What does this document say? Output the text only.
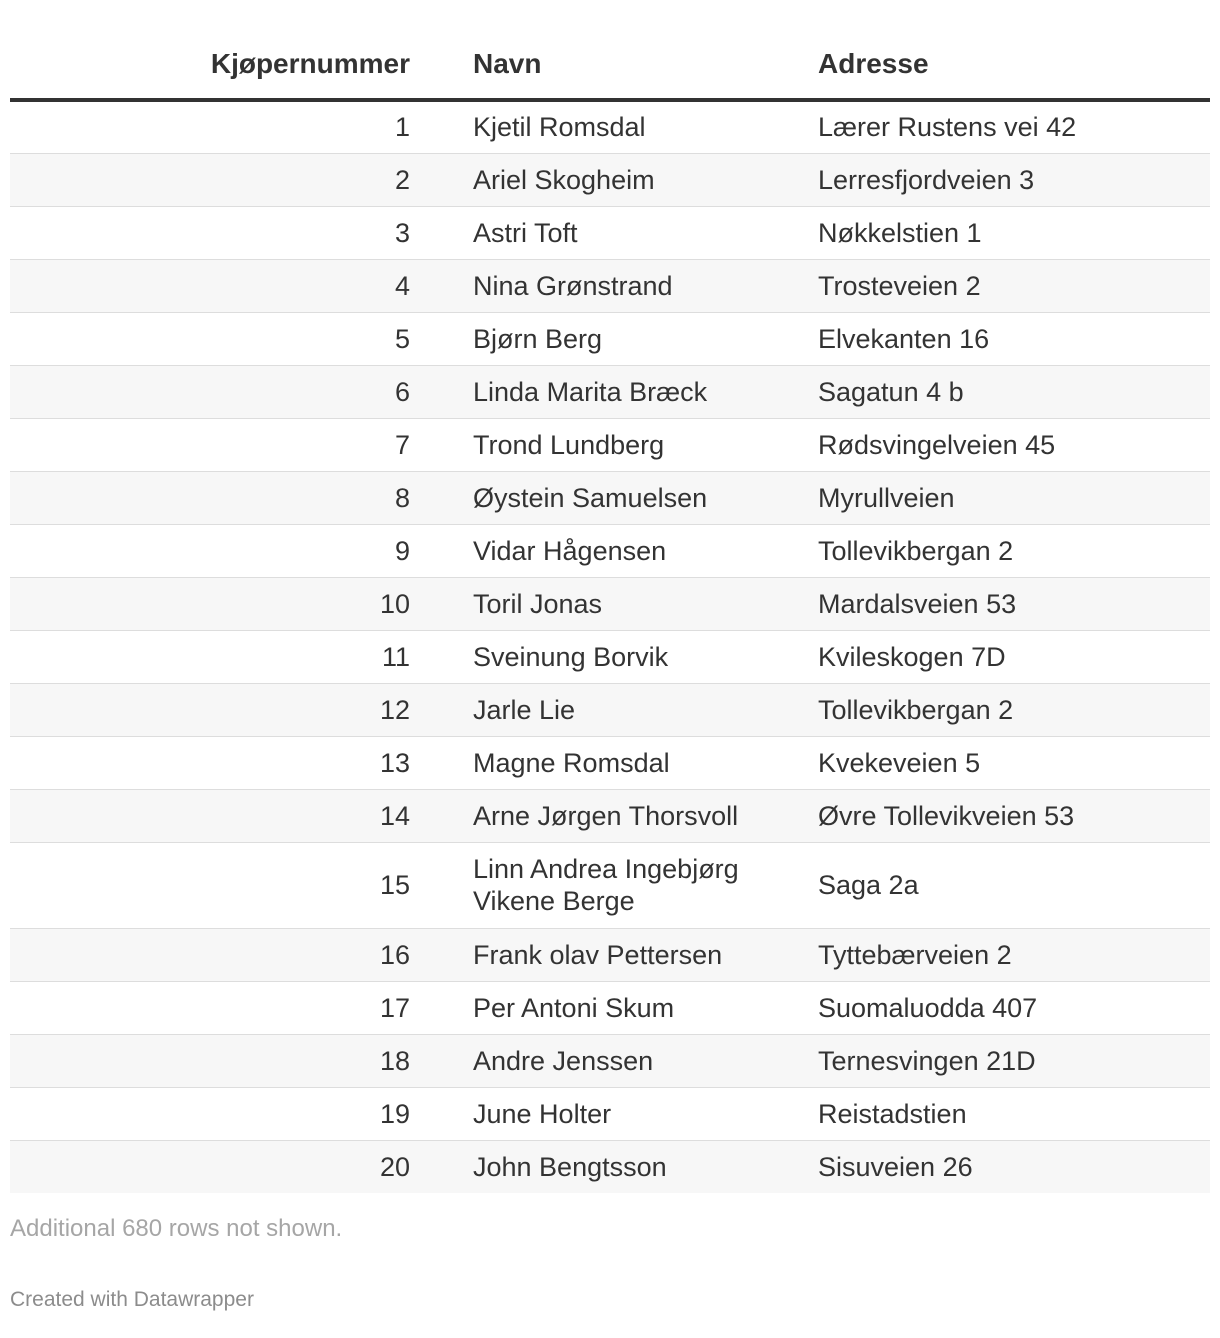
Kjøpernummer	Navn	Adresse
1	Kjetil Romsdal	Lærer Rustens vei 42
2	Ariel Skogheim	Lerresfjordveien 3
3	Astri Toft	Nøkkelstien 1
4	Nina Grønstrand	Trosteveien 2
5	Bjørn Berg	Elvekanten 16
6	Linda Marita Bræck	Sagatun 4 b
7	Trond Lundberg	Rødsvingelveien 45
8	Øystein Samuelsen	Myrullveien
9	Vidar Hågensen	Tollevikbergan 2
10	Toril Jonas	Mardalsveien 53
11	Sveinung Borvik	Kvileskogen 7D
12	Jarle Lie	Tollevikbergan 2
13	Magne Romsdal	Kvekeveien 5
14	Arne Jørgen Thorsvoll	Øvre Tollevikveien 53
15	Linn Andrea Ingebjørg Vikene Berge	Saga 2a
16	Frank olav Pettersen	Tyttebærveien 2
17	Per Antoni Skum	Suomaluodda 407
18	Andre Jenssen	Ternesvingen 21D
19	June Holter	Reistadstien
20	John Bengtsson	Sisuveien 26
Additional 680 rows not shown.
Created with Datawrapper
